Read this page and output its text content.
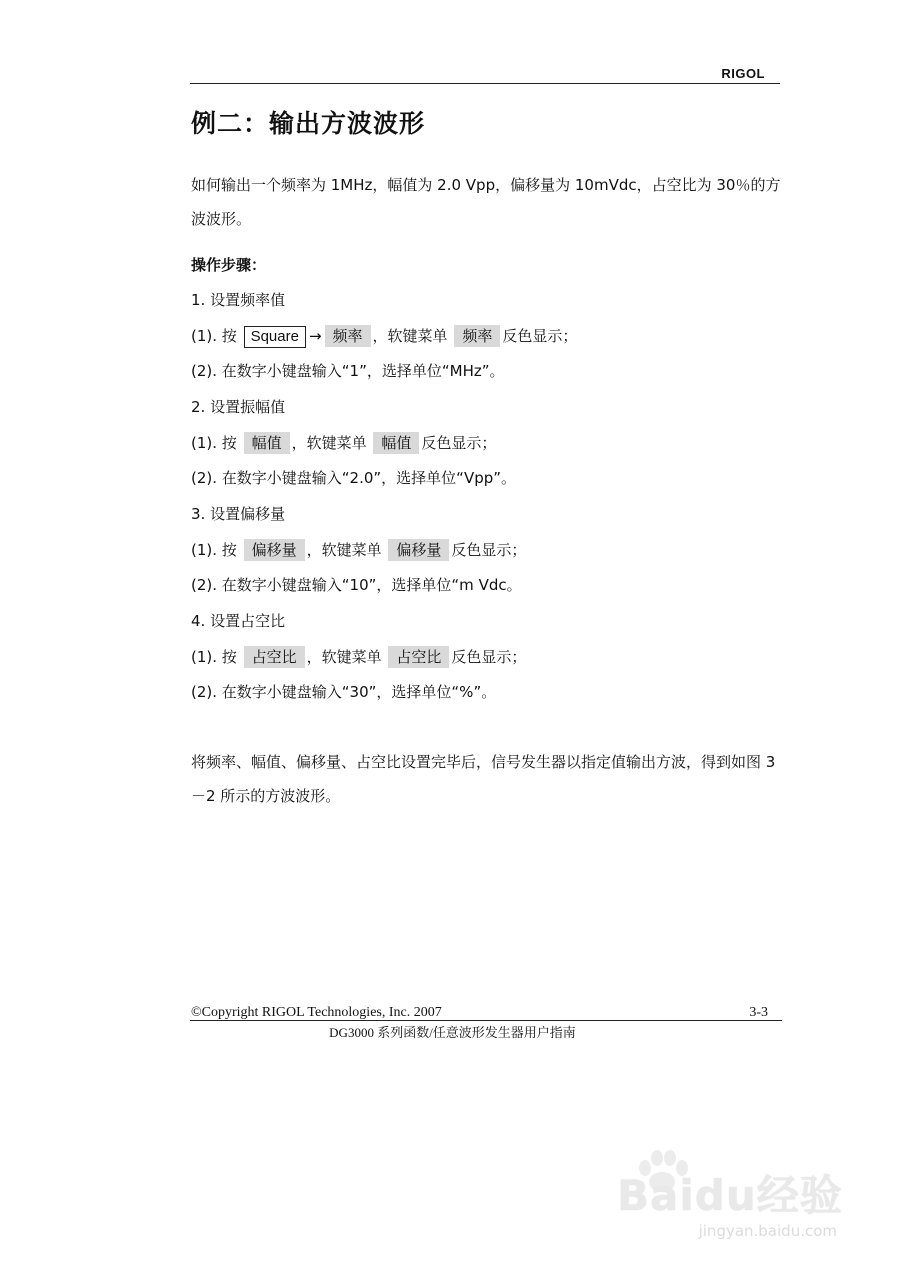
RIGOL
例二：输出方波波形
如何输出一个频率为 1MHz，幅值为 2.0 Vpp，偏移量为 10mVdc，占空比为 30％的方波波形。
操作步骤：
1. 设置频率值
(1). 按 Square → 频率 ，软键菜单 频率 反色显示；
(2). 在数字小键盘输入“1”，选择单位“MHz”。
2. 设置振幅值
(1). 按 幅值 ，软键菜单 幅值 反色显示；
(2). 在数字小键盘输入“2.0”，选择单位“Vpp”。
3. 设置偏移量
(1). 按 偏移量 ，软键菜单 偏移量 反色显示；
(2). 在数字小键盘输入“10”，选择单位“m Vdc。
4. 设置占空比
(1). 按 占空比 ，软键菜单 占空比 反色显示；
(2). 在数字小键盘输入“30”，选择单位“%”。
将频率、幅值、偏移量、占空比设置完毕后，信号发生器以指定值输出方波，得到如图 3－2 所示的方波波形。
©Copyright RIGOL Technologies, Inc. 2007	3-3
DG3000 系列函数/任意波形发生器用户指南
Baidu经验
jingyan.baidu.com
